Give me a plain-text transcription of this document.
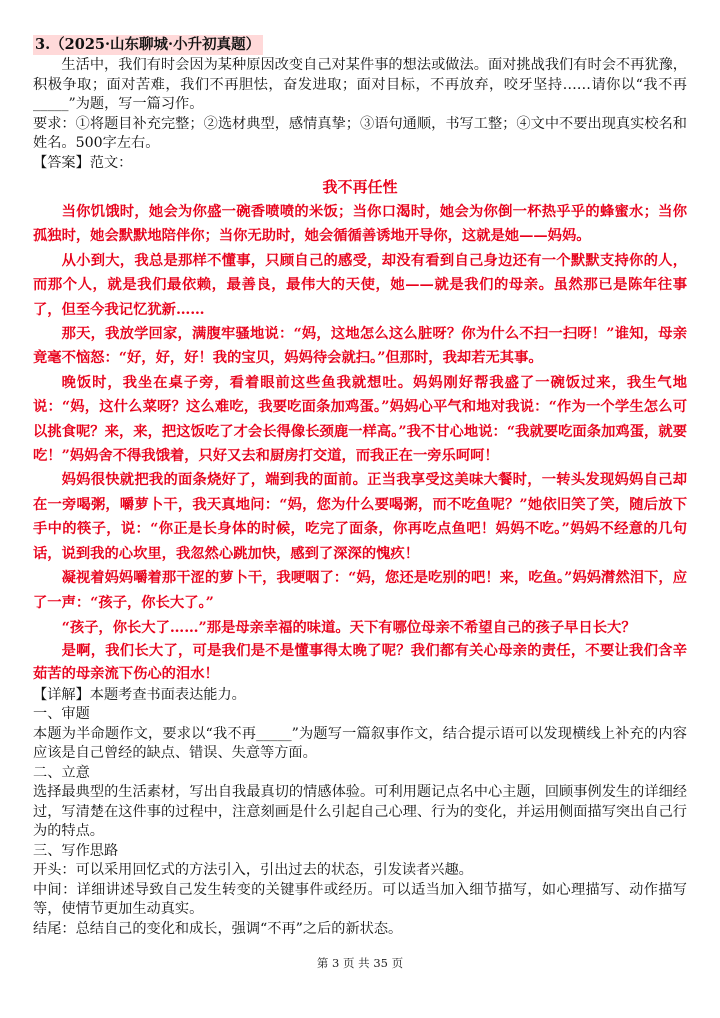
3.（2025·山东聊城·小升初真题）

生活中，我们有时会因为某种原因改变自己对某件事的想法或做法。面对挑战我们有时会不再犹豫，积极争取；面对苦难，我们不再胆怯，奋发进取；面对目标，不再放弃，咬牙坚持……请你以“我不再_____”为题，写一篇习作。

要求：①将题目补充完整；②选材典型，感情真挚；③语句通顺，书写工整；④文中不要出现真实校名和姓名。500字左右。

【答案】范文：

我不再任性

当你饥饿时，她会为你盛一碗香喷喷的米饭；当你口渴时，她会为你倒一杯热乎乎的蜂蜜水；当你孤独时，她会默默地陪伴你；当你无助时，她会循循善诱地开导你，这就是她——妈妈。

从小到大，我总是那样不懂事，只顾自己的感受，却没有看到自己身边还有一个默默支持你的人，而那个人，就是我们最依赖，最善良，最伟大的天使，她——就是我们的母亲。虽然那已是陈年往事了，但至今我记忆犹新……

那天，我放学回家，满腹牢骚地说：“妈，这地怎么这么脏呀？你为什么不扫一扫呀！”谁知，母亲竟毫不恼怒：“好，好，好！我的宝贝，妈妈待会就扫。”但那时，我却若无其事。

晚饭时，我坐在桌子旁，看着眼前这些鱼我就想吐。妈妈刚好帮我盛了一碗饭过来，我生气地说：“妈，这什么菜呀？这么难吃，我要吃面条加鸡蛋。”妈妈心平气和地对我说：“作为一个学生怎么可以挑食呢？来，来，把这饭吃了才会长得像长颈鹿一样高。”我不甘心地说：“我就要吃面条加鸡蛋，就要吃！”妈妈舍不得我饿着，只好又去和厨房打交道，而我正在一旁乐呵呵！

妈妈很快就把我的面条烧好了，端到我的面前。正当我享受这美味大餐时，一转头发现妈妈自己却在一旁喝粥，嚼萝卜干，我天真地问：“妈，您为什么要喝粥，而不吃鱼呢？”她依旧笑了笑，随后放下手中的筷子，说：“你正是长身体的时候，吃完了面条，你再吃点鱼吧！妈妈不吃。”妈妈不经意的几句话，说到我的心坎里，我忽然心跳加快，感到了深深的愧疚！

凝视着妈妈嚼着那干涩的萝卜干，我哽咽了：“妈，您还是吃别的吧！来，吃鱼。”妈妈潸然泪下，应了一声：“孩子，你长大了。”

“孩子，你长大了……”那是母亲幸福的味道。天下有哪位母亲不希望自己的孩子早日长大？

是啊，我们长大了，可是我们是不是懂事得太晚了呢？我们都有关心母亲的责任，不要让我们含辛茹苦的母亲流下伤心的泪水！

【详解】本题考查书面表达能力。

一、审题

本题为半命题作文，要求以“我不再_____”为题写一篇叙事作文，结合提示语可以发现横线上补充的内容应该是自己曾经的缺点、错误、失意等方面。

二、立意

选择最典型的生活素材，写出自我最真切的情感体验。可利用题记点名中心主题，回顾事例发生的详细经过，写清楚在这件事的过程中，注意刻画是什么引起自己心理、行为的变化，并运用侧面描写突出自己行为的特点。

三、写作思路

开头：可以采用回忆式的方法引入，引出过去的状态，引发读者兴趣。

中间：详细讲述导致自己发生转变的关键事件或经历。可以适当加入细节描写，如心理描写、动作描写等，使情节更加生动真实。

结尾：总结自己的变化和成长，强调“不再”之后的新状态。

第 3 页 共 35 页
